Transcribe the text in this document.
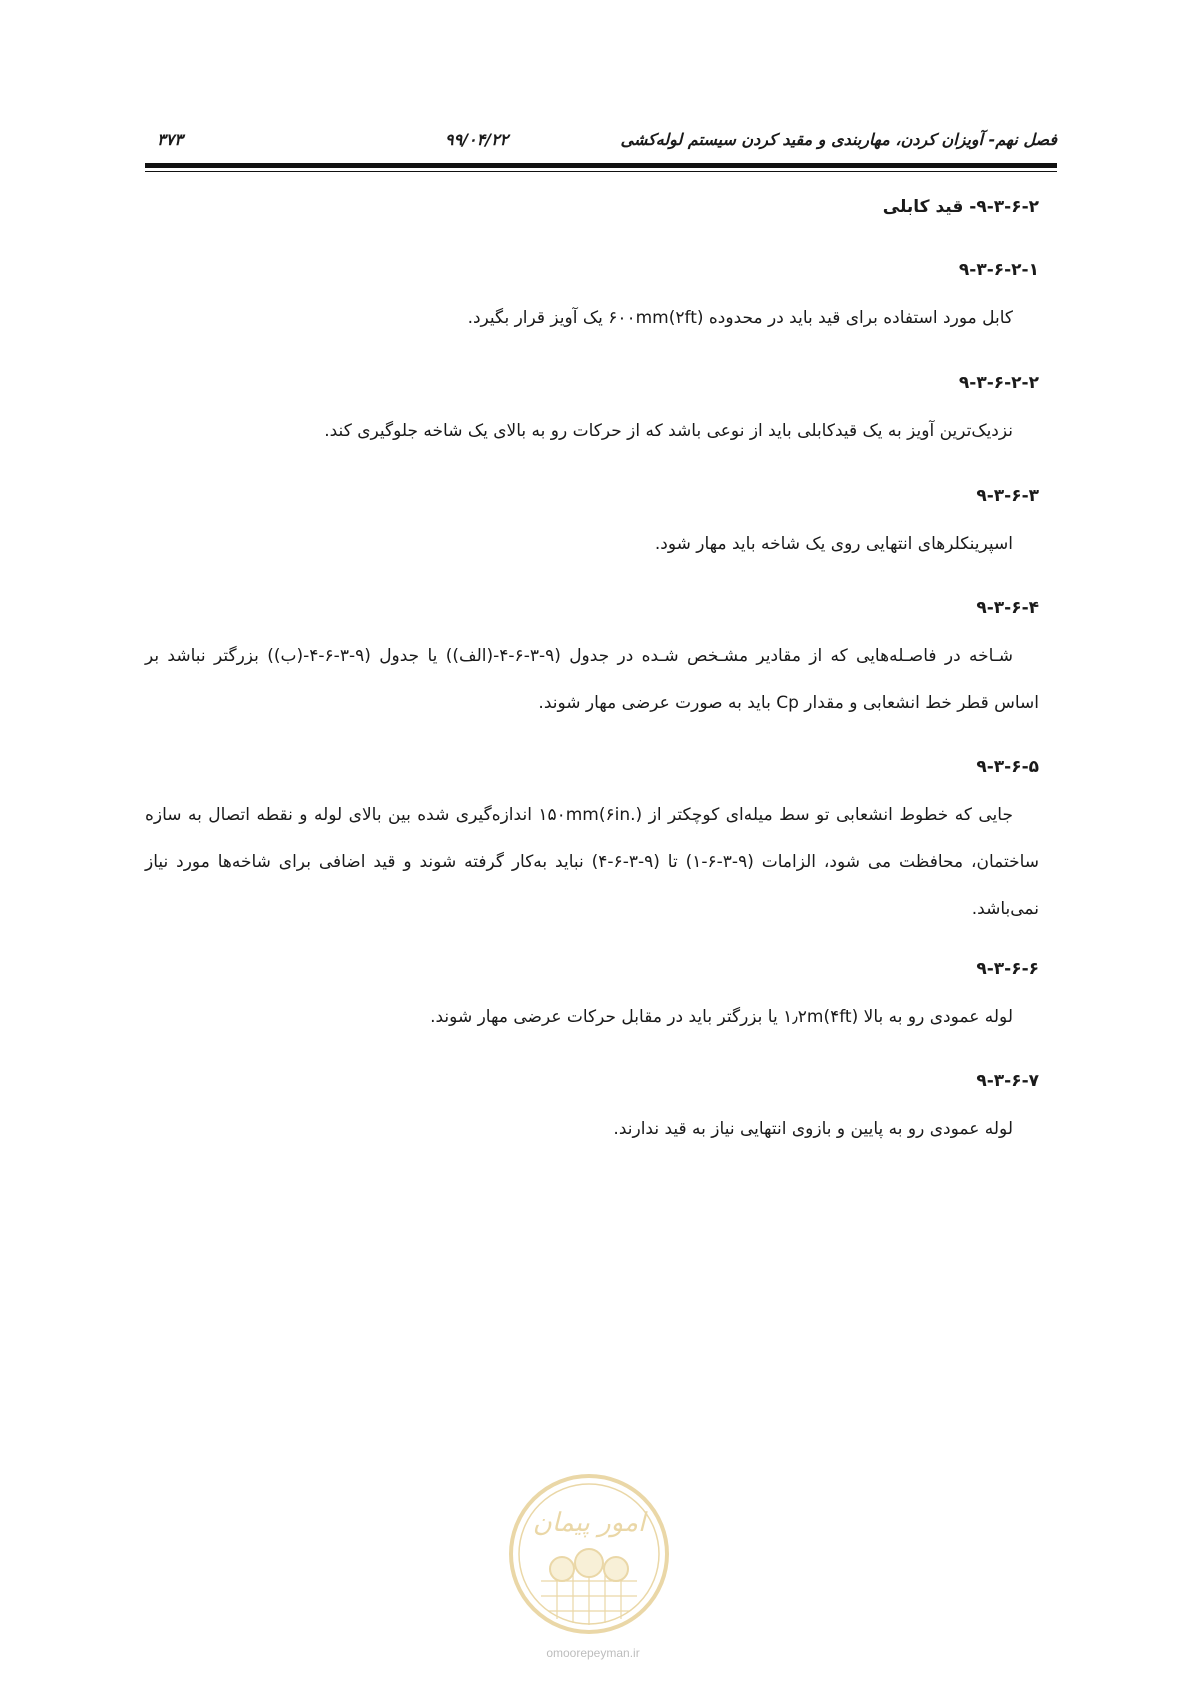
فصل نهم- آویزان کردن، مهاربندی و مقید کردن سیستم لوله‌کشی
۹۹/۰۴/۲۲
۳۷۳
۹-۳-۶-۲- قید کابلی
۹-۳-۶-۲-۱
کابل مورد استفاده برای قید باید در محدوده ۶۰۰mm(۲ft) یک آویز قرار بگیرد.
۹-۳-۶-۲-۲
نزدیک‌ترین آویز به یک قیدکابلی باید از نوعی باشد که از حرکات رو به بالای یک شاخه جلوگیری کند.
۹-۳-۶-۳
اسپرینکلرهای انتهایی روی یک شاخه باید مهار شود.
۹-۳-۶-۴
شـاخه در فاصـله‌هایی که از مقادیر مشـخص شـده در جدول (۹-۳-۶-۴-(الف)) یا جدول (۹-۳-۶-۴-(ب)) بزرگتر نباشد بر اساس قطر خط انشعابی و مقدار Cp باید به صورت عرضی مهار شوند.
۹-۳-۶-۵
جایی که خطوط انشعابی تو سط میله‌ای کوچکتر از ۱۵۰mm(۶in.) اندازه‌گیری شده بین بالای لوله و نقطه اتصال به سازه ساختمان، محافظت می شود، الزامات (۹-۳-۶-۱) تا (۹-۳-۶-۴) نباید به‌کار گرفته شوند و قید اضافی برای شاخه‌ها مورد نیاز نمی‌باشد.
۹-۳-۶-۶
لوله عمودی رو به بالا ۱٫۲m(۴ft) یا بزرگتر باید در مقابل حرکات عرضی مهار شوند.
۹-۳-۶-۷
لوله عمودی رو به پایین و بازوی انتهایی نیاز به قید ندارند.
امور پیمان
omoorepeyman.ir
